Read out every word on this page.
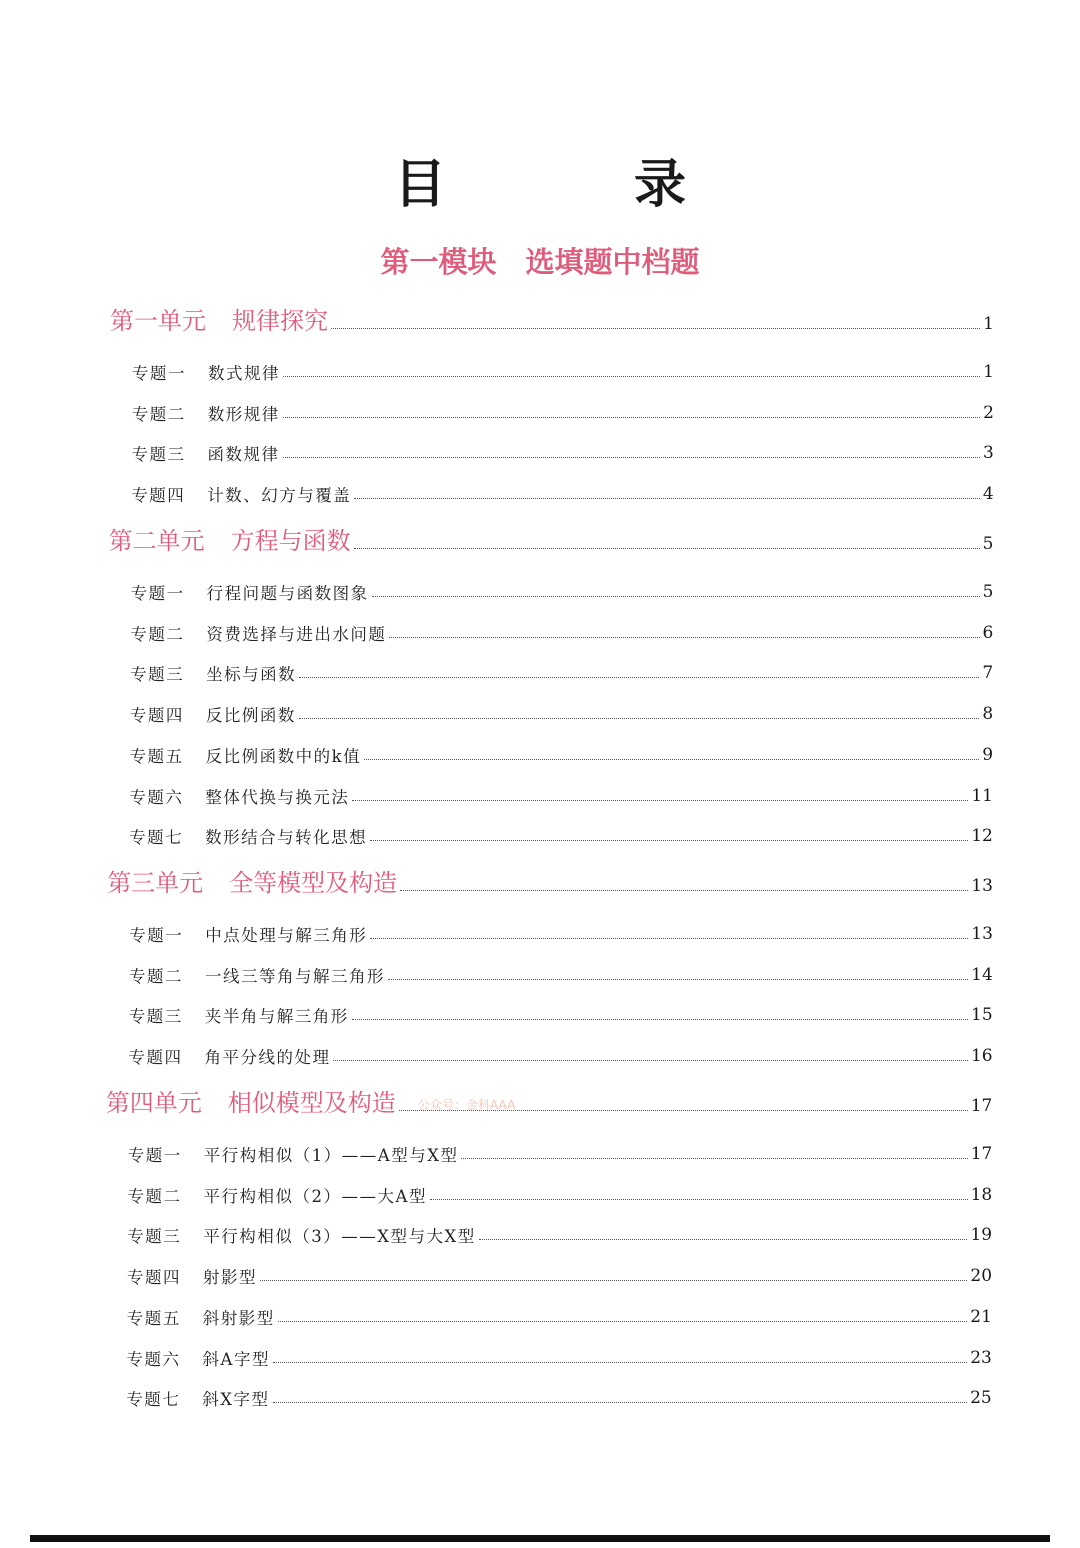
目　录
第一模块　选填题中档题
第一单元 规律探究	1
专题一 数式规律	1
专题二 数形规律	2
专题三 函数规律	3
专题四 计数、幻方与覆盖	4
第二单元 方程与函数	5
专题一 行程问题与函数图象	5
专题二 资费选择与进出水问题	6
专题三 坐标与函数	7
专题四 反比例函数	8
专题五 反比例函数中的k值	9
专题六 整体代换与换元法	11
专题七 数形结合与转化思想	12
第三单元 全等模型及构造	13
专题一 中点处理与解三角形	13
专题二 一线三等角与解三角形	14
专题三 夹半角与解三角形	15
专题四 角平分线的处理	16
第四单元 相似模型及构造	17
专题一 平行构相似（1）——A型与X型	17
专题二 平行构相似（2）——大A型	18
专题三 平行构相似（3）——X型与大X型	19
专题四 射影型	20
专题五 斜射影型	21
专题六 斜A字型	23
专题七 斜X字型	25
公众号：金科AAA
